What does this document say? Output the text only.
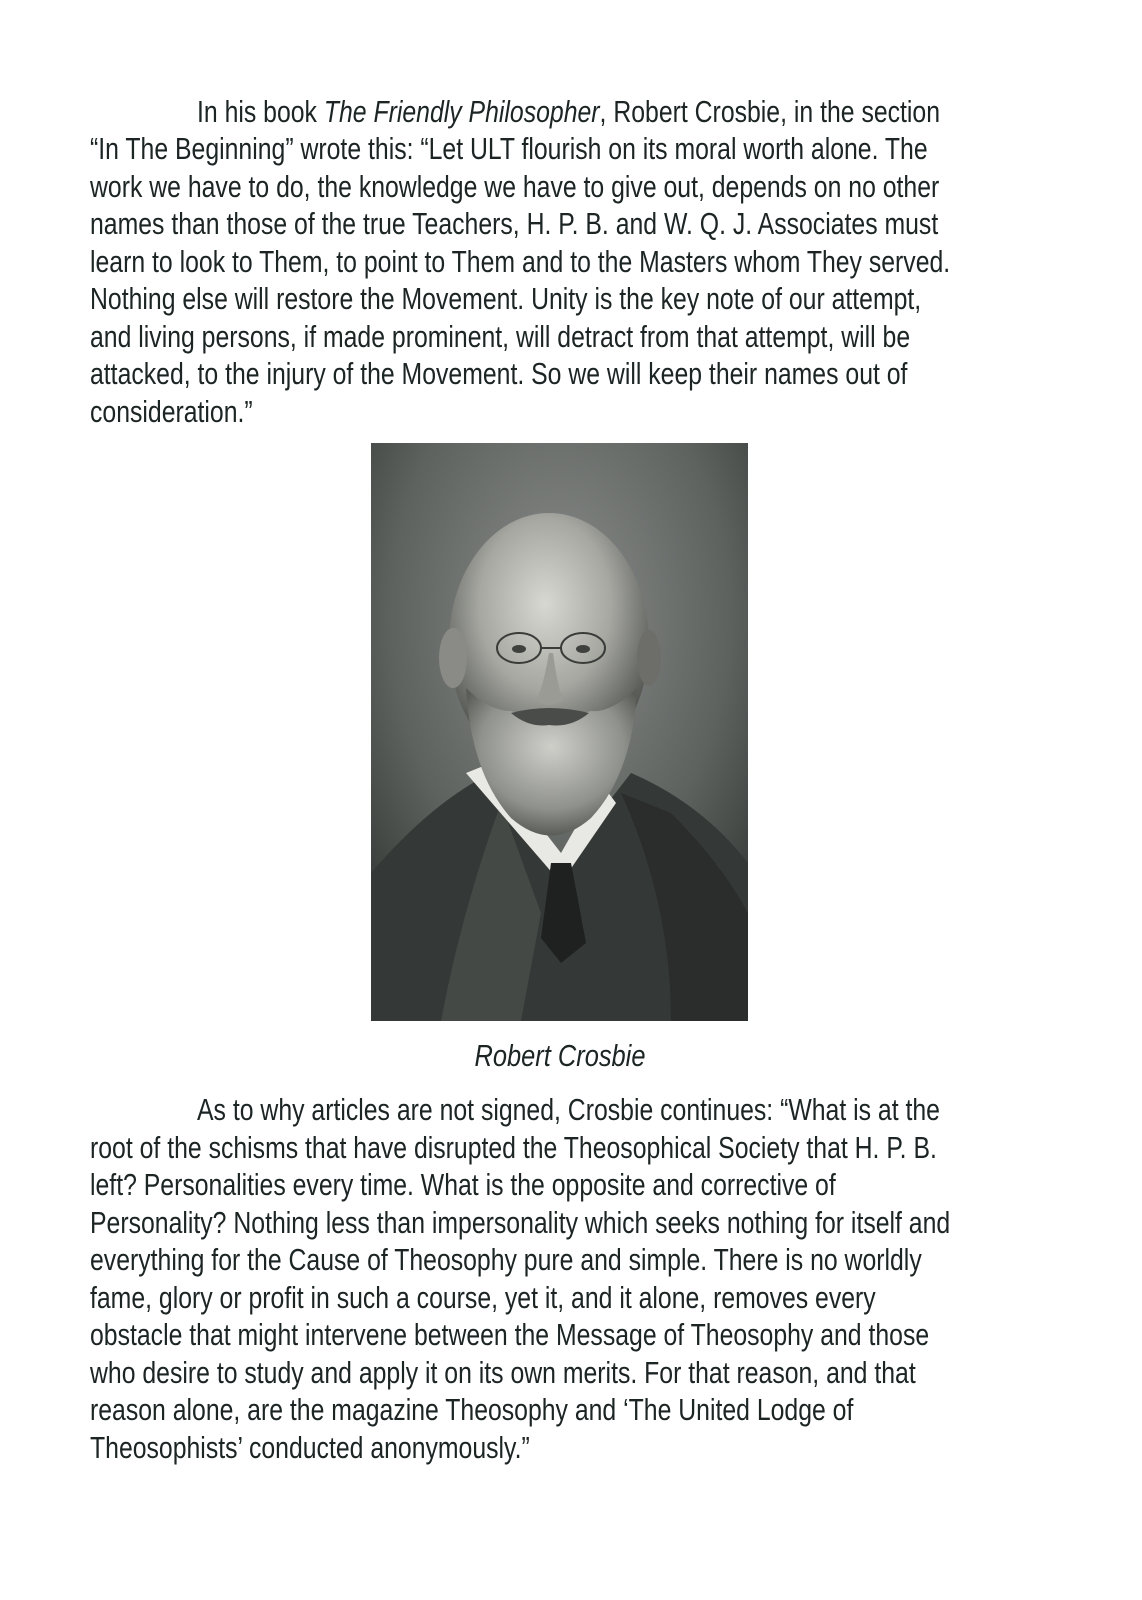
In his book The Friendly Philosopher, Robert Crosbie, in the section
“In The Beginning” wrote this: “Let ULT flourish on its moral worth alone. The
work we have to do, the knowledge we have to give out, depends on no other
names than those of the true Teachers, H. P. B. and W. Q. J. Associates must
learn to look to Them, to point to Them and to the Masters whom They served.
Nothing else will restore the Movement. Unity is the key note of our attempt,
and living persons, if made prominent, will detract from that attempt, will be
attacked, to the injury of the Movement. So we will keep their names out of
consideration.”
Robert Crosbie
As to why articles are not signed, Crosbie continues: “What is at the
root of the schisms that have disrupted the Theosophical Society that H. P. B.
left? Personalities every time. What is the opposite and corrective of
Personality? Nothing less than impersonality which seeks nothing for itself and
everything for the Cause of Theosophy pure and simple. There is no worldly
fame, glory or profit in such a course, yet it, and it alone, removes every
obstacle that might intervene between the Message of Theosophy and those
who desire to study and apply it on its own merits. For that reason, and that
reason alone, are the magazine Theosophy and ‘The United Lodge of
Theosophists’ conducted anonymously.”
